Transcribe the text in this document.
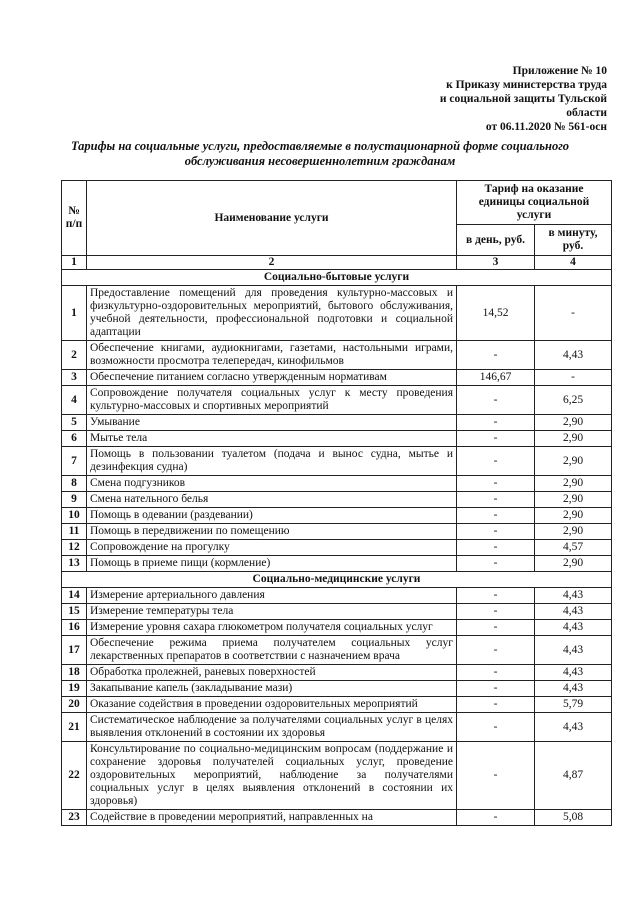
Приложение № 10
к Приказу министерства труда
и социальной защиты Тульской
области
от 06.11.2020 № 561-осн
Тарифы на социальные услуги, предоставляемые в полустационарной форме социального обслуживания несовершеннолетним гражданам
№ п/п	Наименование услуги	Тариф на оказание единицы социальной услуги	
		в день, руб.	в минуту, руб.
1	2	3	4
Социально-бытовые услуги			
1	Предоставление помещений для проведения культурно-массовых и физкультурно-оздоровительных мероприятий, бытового обслуживания, учебной деятельности, профессиональной подготовки и социальной адаптации	14,52	-
2	Обеспечение книгами, аудиокнигами, газетами, настольными играми, возможности просмотра телепередач, кинофильмов	-	4,43
3	Обеспечение питанием согласно утвержденным нормативам	146,67	-
4	Сопровождение получателя социальных услуг к месту проведения культурно-массовых и спортивных мероприятий	-	6,25
5	Умывание	-	2,90
6	Мытье тела	-	2,90
7	Помощь в пользовании туалетом (подача и вынос судна, мытье и дезинфекция судна)	-	2,90
8	Смена подгузников	-	2,90
9	Смена нательного белья	-	2,90
10	Помощь в одевании (раздевании)	-	2,90
11	Помощь в передвижении по помещению	-	2,90
12	Сопровождение на прогулку	-	4,57
13	Помощь в приеме пищи (кормление)	-	2,90
Социально-медицинские услуги			
14	Измерение артериального давления	-	4,43
15	Измерение температуры тела	-	4,43
16	Измерение уровня сахара глюкометром получателя социальных услуг	-	4,43
17	Обеспечение режима приема получателем социальных услуг лекарственных препаратов в соответствии с назначением врача	-	4,43
18	Обработка пролежней, раневых поверхностей	-	4,43
19	Закапывание капель (закладывание мази)	-	4,43
20	Оказание содействия в проведении оздоровительных мероприятий	-	5,79
21	Систематическое наблюдение за получателями социальных услуг в целях выявления отклонений в состоянии их здоровья	-	4,43
22	Консультирование по социально-медицинским вопросам (поддержание и сохранение здоровья получателей социальных услуг, проведение оздоровительных мероприятий, наблюдение за получателями социальных услуг в целях выявления отклонений в состоянии их здоровья)	-	4,87
23	Содействие в проведении мероприятий, направленных на	-	5,08
